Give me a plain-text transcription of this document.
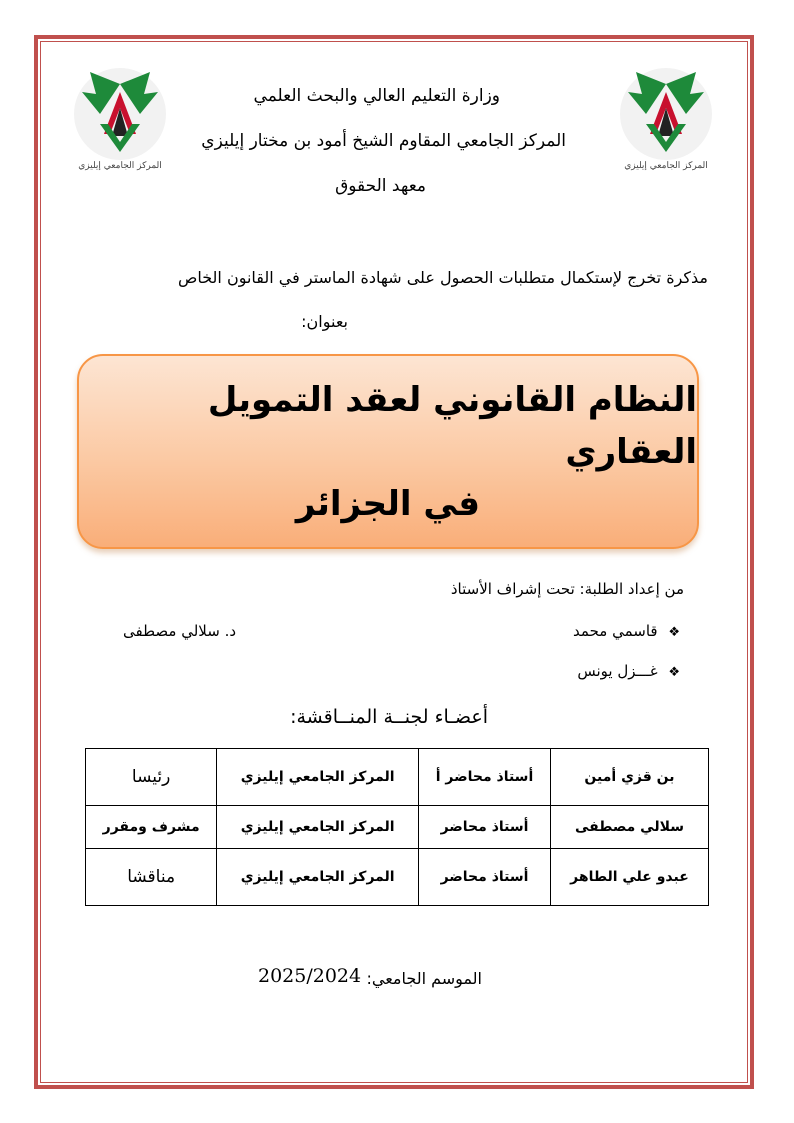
المركز الجامعي إيليزي	المركز الجامعي إيليزي
وزارة التعليم العالي والبحث العلمي
المركز الجامعي المقاوم الشيخ أمود بن مختار إيليزي
معهد الحقوق
مذكرة تخرج لإستكمال متطلبات الحصول على شهادة الماستر في القانون الخاص
بعنوان:
النظام القانوني لعقد التمويل العقاري
في الجزائر
من إعداد الطلبة: تحت إشراف الأستاذ
❖ قاسمي محمد
❖ غـــزل يونس
د. سلالي مصطفى
أعضـاء لجنــة المنــاقشة:
بن قزي أمين	أستاذ محاضر أ	المركز الجامعي إيليزي	رئيسا
سلالي مصطفى	أستاذ محاضر	المركز الجامعي إيليزي	مشرف ومقرر
عبدو علي الطاهر	أستاذ محاضر	المركز الجامعي إيليزي	مناقشا
الموسم الجامعي:
2025/2024
